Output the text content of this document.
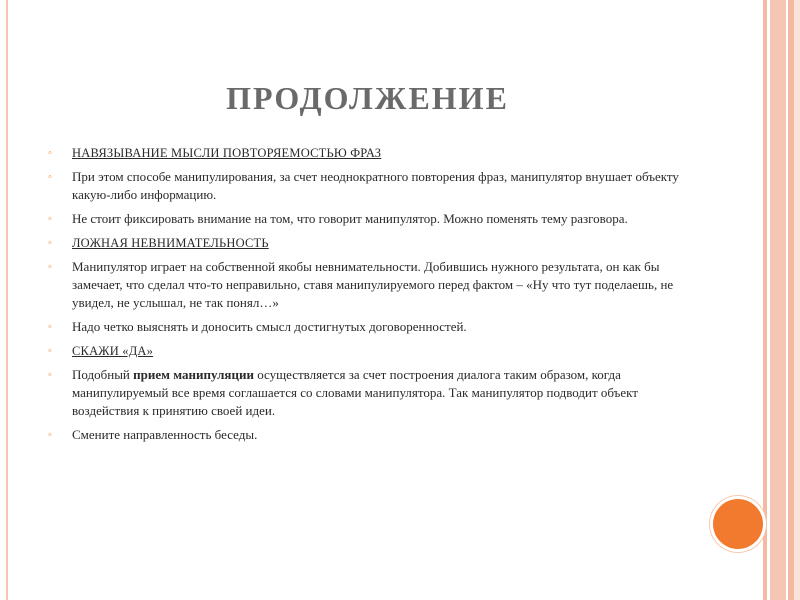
ПРОДОЛЖЕНИЕ
◦	НАВЯЗЫВАНИЕ МЫСЛИ ПОВТОРЯЕМОСТЬЮ ФРАЗ
◦	При этом способе манипулирования, за счет неоднократного повторения фраз, манипулятор внушает объекту какую-либо информацию.
◦	Не стоит фиксировать внимание на том, что говорит манипулятор. Можно поменять тему разговора.
◦	ЛОЖНАЯ НЕВНИМАТЕЛЬНОСТЬ
◦	Манипулятор играет на собственной якобы невнимательности. Добившись нужного результата, он как бы замечает, что сделал что-то неправильно, ставя манипулируемого перед фактом – «Ну что тут поделаешь, не увидел, не услышал, не так понял…»
◦	Надо четко выяснять и доносить смысл достигнутых договоренностей.
◦	СКАЖИ «ДА»
◦	Подобный прием манипуляции осуществляется за счет построения диалога таким образом, когда манипулируемый все время соглашается со словами манипулятора. Так манипулятор подводит объект воздействия к принятию своей идеи.
◦	Смените направленность беседы.
